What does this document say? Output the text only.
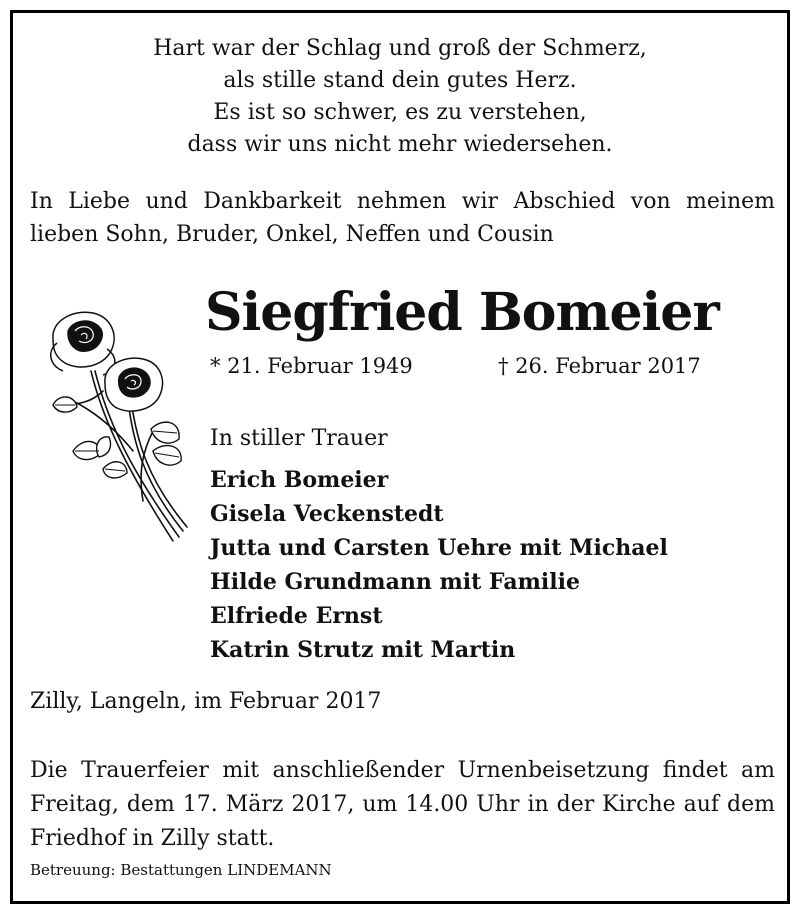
Hart war der Schlag und groß der Schmerz,
als stille stand dein gutes Herz.
Es ist so schwer, es zu verstehen,
dass wir uns nicht mehr wiedersehen.
In Liebe und Dankbarkeit nehmen wir Abschied von meinem lieben Sohn, Bruder, Onkel, Neffen und Cousin
Siegfried Bomeier
* 21. Februar 1949	† 26. Februar 2017
In stiller Trauer
Erich Bomeier
Gisela Veckenstedt
Jutta und Carsten Uehre mit Michael
Hilde Grundmann mit Familie
Elfriede Ernst
Katrin Strutz mit Martin
Zilly, Langeln, im Februar 2017
Die Trauerfeier mit anschließender Urnenbeisetzung findet am Freitag, dem 17. März 2017, um 14.00 Uhr in der Kirche auf dem Friedhof in Zilly statt.
Betreuung: Bestattungen LINDEMANN
